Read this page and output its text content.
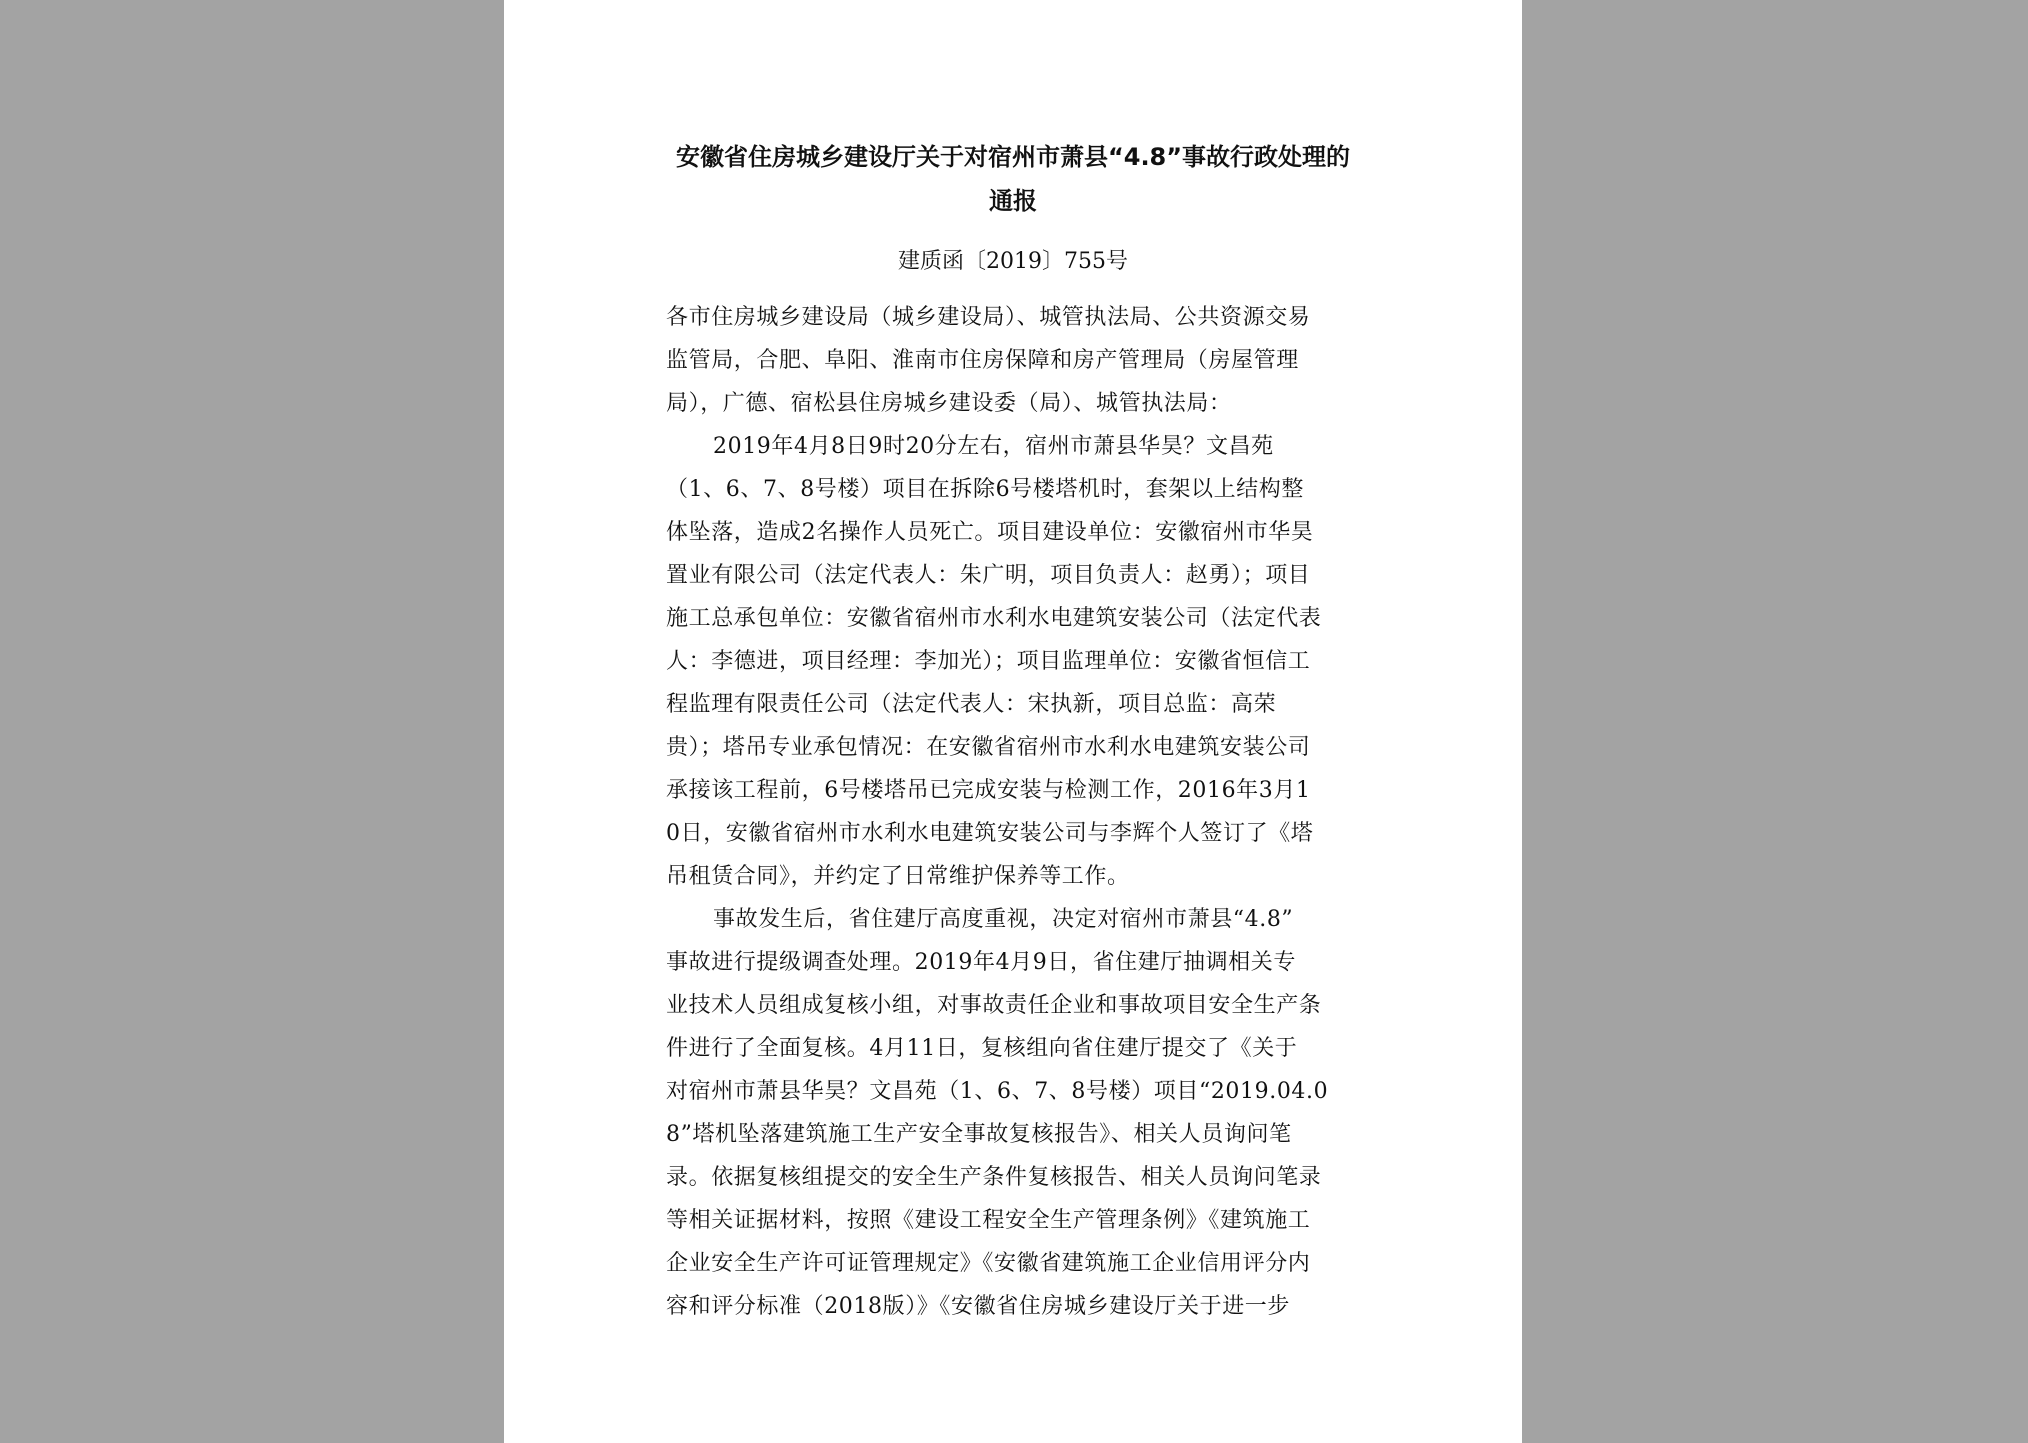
安徽省住房城乡建设厅关于对宿州市萧县“4.8”事故行政处理的
通报
建质函〔2019〕755号
各市住房城乡建设局（城乡建设局）、城管执法局、公共资源交易
监管局，合肥、阜阳、淮南市住房保障和房产管理局（房屋管理
局），广德、宿松县住房城乡建设委（局）、城管执法局：
2019年4月8日9时20分左右，宿州市萧县华昊？文昌苑
（1、6、7、8号楼）项目在拆除6号楼塔机时，套架以上结构整
体坠落，造成2名操作人员死亡。项目建设单位：安徽宿州市华昊
置业有限公司（法定代表人：朱广明，项目负责人：赵勇）；项目
施工总承包单位：安徽省宿州市水利水电建筑安装公司（法定代表
人：李德进，项目经理：李加光）；项目监理单位：安徽省恒信工
程监理有限责任公司（法定代表人：宋执新，项目总监：高荣
贵）；塔吊专业承包情况：在安徽省宿州市水利水电建筑安装公司
承接该工程前，6号楼塔吊已完成安装与检测工作，2016年3月1
0日，安徽省宿州市水利水电建筑安装公司与李辉个人签订了《塔
吊租赁合同》，并约定了日常维护保养等工作。
事故发生后，省住建厅高度重视，决定对宿州市萧县“4.8”
事故进行提级调查处理。2019年4月9日，省住建厅抽调相关专
业技术人员组成复核小组，对事故责任企业和事故项目安全生产条
件进行了全面复核。4月11日，复核组向省住建厅提交了《关于
对宿州市萧县华昊？文昌苑（1、6、7、8号楼）项目“2019.04.0
8”塔机坠落建筑施工生产安全事故复核报告》、相关人员询问笔
录。依据复核组提交的安全生产条件复核报告、相关人员询问笔录
等相关证据材料，按照《建设工程安全生产管理条例》《建筑施工
企业安全生产许可证管理规定》《安徽省建筑施工企业信用评分内
容和评分标准（2018版）》《安徽省住房城乡建设厅关于进一步
